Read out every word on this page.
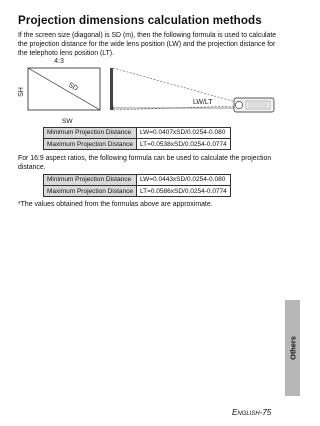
Projection dimensions calculation methods
If the screen size (diagonal) is SD (m), then the following formula is used to calculate the projection distance for the wide lens position (LW) and the projection distance for the telephoto lens position (LT).
4:3
SD
SH
LW/LT
SW
Minimum Projection Distance	LW=0.0407xSD/0.0254-0.080
Maximum Projection Distance	LT=0.0538xSD/0.0254-0.0774
For 16:9 aspect ratios, the following formula can be used to calculate the projection distance.
Minimum Projection Distance	LW=0.0443xSD/0.0254-0.080
Maximum Projection Distance	LT=0.0586xSD/0.0254-0.0774
*The values obtained from the formulas above are approximate.
Others
English-75
